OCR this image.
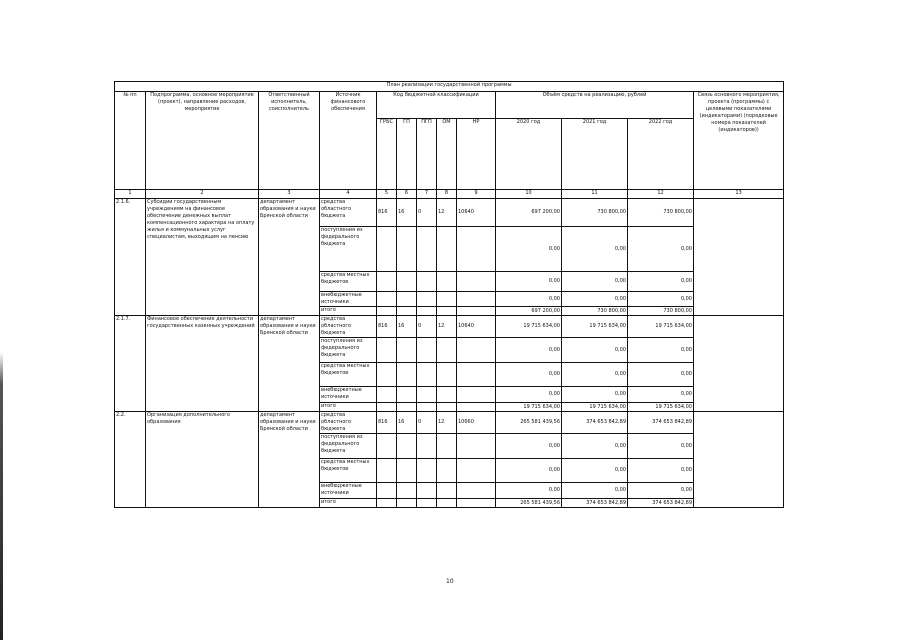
План реализации государственной программы												
№ пп	Подпрограмма, основное мероприятие (проект), направление расходов, мероприятие	Ответственный исполнитель, соисполнитель	Источник финансового обеспечения	Код бюджетной классификации					Объём средств на реализацию, рублей			Связь основного мероприятия, проекта (программы) с целевыми показателями (индикаторами) (порядковые номера показателей (индикаторов))
				ГРБС	ГП	ПГП	ОМ	НР	2020 год	2021 год	2022 год	
1	2	3	4	5	6	7	8	9	10	11	12	13
2.1.6.	Субсидии государственным учреждениям на финансовое обеспечение денежных выплат компенсационного характера на оплату жилья и коммунальных услуг специалистам, выходящим на пенсию	департамент образования и науки Брянской области	средства областного бюджета	816	16	0	12	10640	697 200,00	730 800,00	730 800,00	
			поступления из федерального бюджета						0,00	0,00	0,00	
			средства местных бюджетов						0,00	0,00	0,00	
			внебюджетные источники						0,00	0,00	0,00	
			итого						697 200,00	730 800,00	730 800,00	
2.1.7.	Финансовое обеспечение деятельности государственных казенных учреждений	департамент образования и науки Брянской области	средства областного бюджета	816	16	0	12	10640	19 715 634,00	19 715 634,00	19 715 634,00	
			поступления из федерального бюджета						0,00	0,00	0,00	
			средства местных бюджетов						0,00	0,00	0,00	
			внебюджетные источники						0,00	0,00	0,00	
			итого						19 715 634,00	19 715 634,00	19 715 634,00	
2.2.	Организация дополнительного образования	департамент образования и науки Брянской области	средства областного бюджета	816	16	0	12	10660	265 581 439,56	374 653 842,89	374 653 842,89	
			поступления из федерального бюджета						0,00	0,00	0,00	
			средства местных бюджетов						0,00	0,00	0,00	
			внебюджетные источники						0,00	0,00	0,00	
			итого						265 581 439,56	374 653 842,89	374 653 842,89	
10
